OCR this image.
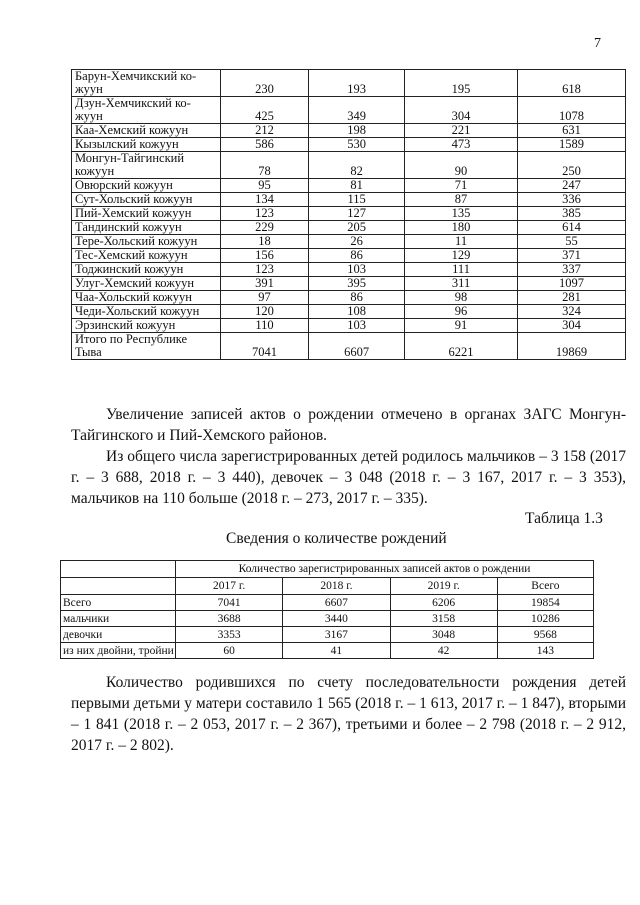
7
Барун-Хемчикский ко-
жуун	230	193	195	618

Дзун-Хемчикский ко-
жуун	425	349	304	1078

Каа-Хемский кожуун	212	198	221	631

Кызылский кожуун	586	530	473	1589

Монгун-Тайгинский
кожуун	78	82	90	250

Овюрский кожуун	95	81	71	247

Сут-Хольский кожуун	134	115	87	336

Пий-Хемский кожуун	123	127	135	385

Тандинский кожуун	229	205	180	614

Тере-Хольский кожуун	18	26	11	55

Тес-Хемский кожуун	156	86	129	371

Тоджинский кожуун	123	103	111	337

Улуг-Хемский кожуун	391	395	311	1097

Чаа-Хольский кожуун	97	86	98	281

Чеди-Хольский кожуун	120	108	96	324

Эрзинский кожуун	110	103	91	304

Итого по Республике
Тыва	7041	6607	6221	19869

Увеличение записей актов о рождении отмечено в органах ЗАГС Монгун-Тайгинского и Пий-Хемского районов.

Из общего числа зарегистрированных детей родилось мальчиков – 3 158 (2017 г. – 3 688, 2018 г. – 3 440), девочек – 3 048 (2018 г. – 3 167, 2017 г. – 3 353), мальчиков на 110 больше (2018 г. – 273, 2017 г. – 335).

Таблица 1.3
Сведения о количестве рождений
	Количество зарегистрированных записей актов о рождении			
	2017 г.	2018 г.	2019 г.	Всего
Всего	7041	6607	6206	19854
мальчики	3688	3440	3158	10286
девочки	3353	3167	3048	9568
из них двойни, тройни	60	41	42	143

Количество родившихся по счету последовательности рождения детей первыми детьми у матери составило 1 565 (2018 г. – 1 613, 2017 г. – 1 847), вторыми – 1 841 (2018 г. – 2 053, 2017 г. – 2 367), третьими и более – 2 798 (2018 г. – 2 912, 2017 г. – 2 802).
